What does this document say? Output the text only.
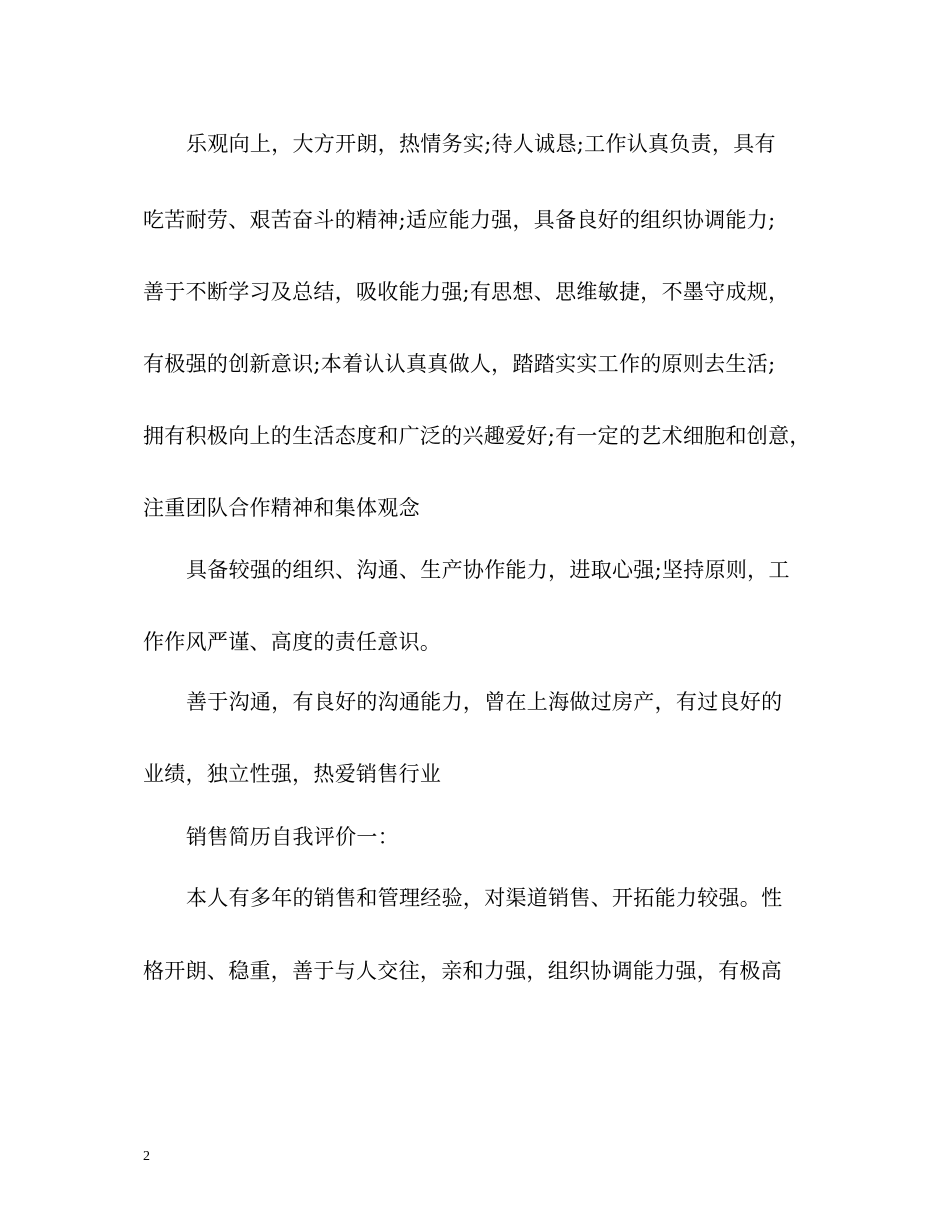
乐观向上，大方开朗，热情务实;待人诚恳;工作认真负责，具有
吃苦耐劳、艰苦奋斗的精神;适应能力强，具备良好的组织协调能力;
善于不断学习及总结，吸收能力强;有思想、思维敏捷，不墨守成规，
有极强的创新意识;本着认认真真做人，踏踏实实工作的原则去生活;
拥有积极向上的生活态度和广泛的兴趣爱好;有一定的艺术细胞和创意，
注重团队合作精神和集体观念
具备较强的组织、沟通、生产协作能力，进取心强;坚持原则，工
作作风严谨、高度的责任意识。
善于沟通，有良好的沟通能力，曾在上海做过房产，有过良好的
业绩，独立性强，热爱销售行业
销售简历自我评价一：
本人有多年的销售和管理经验，对渠道销售、开拓能力较强。性
格开朗、稳重，善于与人交往，亲和力强，组织协调能力强，有极高
2
